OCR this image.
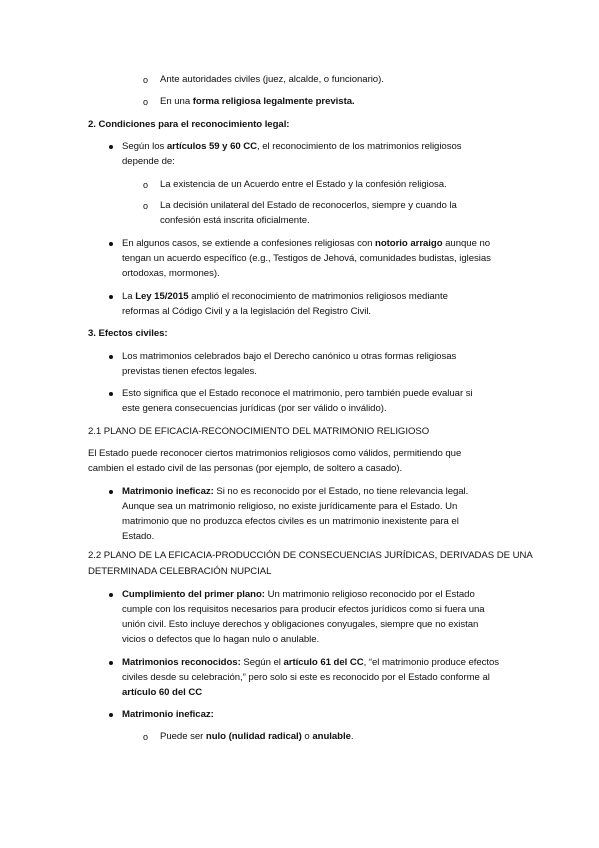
o Ante autoridades civiles (juez, alcalde, o funcionario).
o En una forma religiosa legalmente prevista.
2. Condiciones para el reconocimiento legal:
Según los artículos 59 y 60 CC, el reconocimiento de los matrimonios religiosos
depende de:
o La existencia de un Acuerdo entre el Estado y la confesión religiosa.
o La decisión unilateral del Estado de reconocerlos, siempre y cuando la
confesión está inscrita oficialmente.
En algunos casos, se extiende a confesiones religiosas con notorio arraigo aunque no
tengan un acuerdo específico (e.g., Testigos de Jehová, comunidades budistas, iglesias
ortodoxas, mormones).
La Ley 15/2015 amplió el reconocimiento de matrimonios religiosos mediante
reformas al Código Civil y a la legislación del Registro Civil.
3. Efectos civiles:
Los matrimonios celebrados bajo el Derecho canónico u otras formas religiosas
previstas tienen efectos legales.
Esto significa que el Estado reconoce el matrimonio, pero también puede evaluar si
este genera consecuencias jurídicas (por ser válido o inválido).
2.1 PLANO DE EFICACIA-RECONOCIMIENTO DEL MATRIMONIO RELIGIOSO
El Estado puede reconocer ciertos matrimonios religiosos como válidos, permitiendo que
cambien el estado civil de las personas (por ejemplo, de soltero a casado).
Matrimonio ineficaz: Si no es reconocido por el Estado, no tiene relevancia legal.
Aunque sea un matrimonio religioso, no existe jurídicamente para el Estado. Un
matrimonio que no produzca efectos civiles es un matrimonio inexistente para el
Estado.
2.2 PLANO DE LA EFICACIA-PRODUCCIÓN DE CONSECUENCIAS JURÍDICAS, DERIVADAS DE UNA
DETERMINADA CELEBRACIÓN NUPCIAL
Cumplimiento del primer plano: Un matrimonio religioso reconocido por el Estado
cumple con los requisitos necesarios para producir efectos jurídicos como si fuera una
unión civil. Esto incluye derechos y obligaciones conyugales, siempre que no existan
vicios o defectos que lo hagan nulo o anulable.
Matrimonios reconocidos: Según el artículo 61 del CC, “el matrimonio produce efectos
civiles desde su celebración,” pero solo si este es reconocido por el Estado conforme al
artículo 60 del CC
Matrimonio ineficaz:
o Puede ser nulo (nulidad radical) o anulable.
